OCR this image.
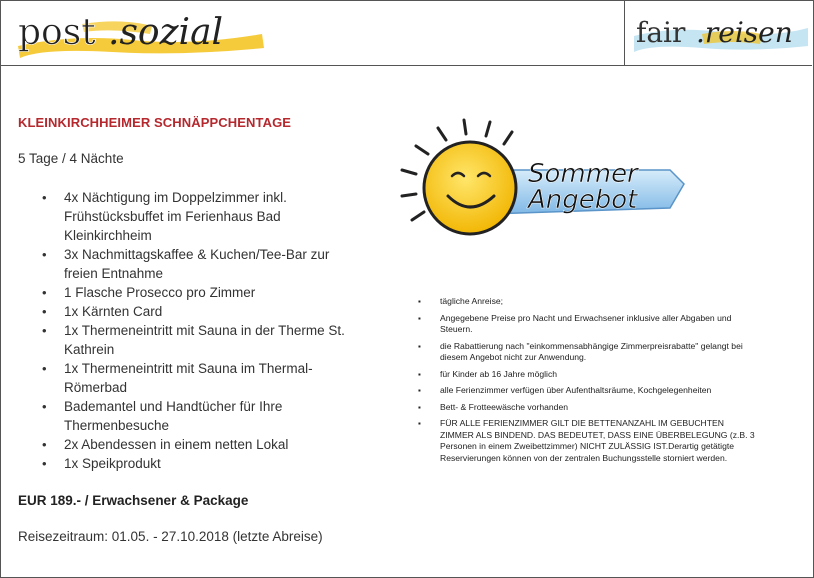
post .sozial	fair .reisen
KLEINKIRCHHEIMER SCHNÄPPCHENTAGE
5 Tage / 4 Nächte
• 4x Nächtigung im Doppelzimmer inkl. Frühstücksbuffet im Ferienhaus Bad Kleinkirchheim
• 3x Nachmittagskaffee & Kuchen/Tee-Bar zur freien Entnahme
• 1 Flasche Prosecco pro Zimmer
• 1x Kärnten Card
• 1x Thermeneintritt mit Sauna in der Therme St. Kathrein
• 1x Thermeneintritt mit Sauna im Thermal-Römerbad
• Bademantel und Handtücher für Ihre Thermenbesuche
• 2x Abendessen in einem netten Lokal
• 1x Speikprodukt
EUR 189.- / Erwachsener & Package
Reisezeitraum: 01.05. - 27.10.2018 (letzte Abreise)
Sommer
Angebot
▪ tägliche Anreise;
▪ Angegebene Preise pro Nacht und Erwachsener inklusive aller Abgaben und Steuern.
▪ die Rabattierung nach "einkommensabhängige Zimmerpreisrabatte" gelangt bei diesem Angebot nicht zur Anwendung.
▪ für Kinder ab 16 Jahre möglich
▪ alle Ferienzimmer verfügen über Aufenthaltsräume, Kochgelegenheiten
▪ Bett- & Frotteewäsche vorhanden
▪ FÜR ALLE FERIENZIMMER GILT DIE BETTENANZAHL IM GEBUCHTEN ZIMMER ALS BINDEND. DAS BEDEUTET, DASS EINE ÜBERBELEGUNG (z.B. 3 Personen in einem Zweibettzimmer) NICHT ZULÄSSIG IST.Derartig getätigte Reservierungen können von der zentralen Buchungsstelle storniert werden.
